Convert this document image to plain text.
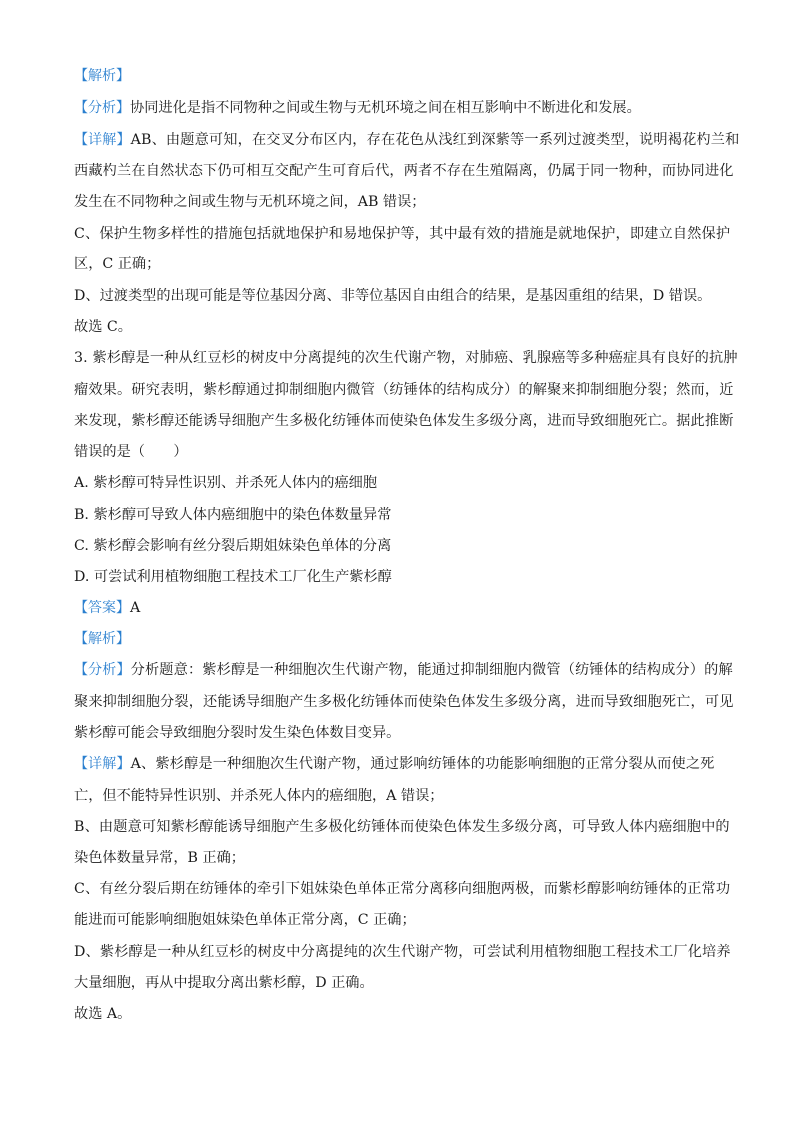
【解析】
【分析】协同进化是指不同物种之间或生物与无机环境之间在相互影响中不断进化和发展。
【详解】AB、由题意可知，在交叉分布区内，存在花色从浅红到深紫等一系列过渡类型，说明褐花杓兰和
西藏杓兰在自然状态下仍可相互交配产生可育后代，两者不存在生殖隔离，仍属于同一物种，而协同进化
发生在不同物种之间或生物与无机环境之间，AB 错误；
C、保护生物多样性的措施包括就地保护和易地保护等，其中最有效的措施是就地保护，即建立自然保护
区，C 正确；
D、过渡类型的出现可能是等位基因分离、非等位基因自由组合的结果，是基因重组的结果，D 错误。
故选 C。
3. 紫杉醇是一种从红豆杉的树皮中分离提纯的次生代谢产物，对肺癌、乳腺癌等多种癌症具有良好的抗肿
瘤效果。研究表明，紫杉醇通过抑制细胞内微管（纺锤体的结构成分）的解聚来抑制细胞分裂；然而，近
来发现，紫杉醇还能诱导细胞产生多极化纺锤体而使染色体发生多级分离，进而导致细胞死亡。据此推断
错误的是（　　）
A. 紫杉醇可特异性识别、并杀死人体内的癌细胞
B. 紫杉醇可导致人体内癌细胞中的染色体数量异常
C. 紫杉醇会影响有丝分裂后期姐妹染色单体的分离
D. 可尝试利用植物细胞工程技术工厂化生产紫杉醇
【答案】A
【解析】
【分析】分析题意：紫杉醇是一种细胞次生代谢产物，能通过抑制细胞内微管（纺锤体的结构成分）的解
聚来抑制细胞分裂，还能诱导细胞产生多极化纺锤体而使染色体发生多级分离，进而导致细胞死亡，可见
紫杉醇可能会导致细胞分裂时发生染色体数目变异。
【详解】A、紫杉醇是一种细胞次生代谢产物，通过影响纺锤体的功能影响细胞的正常分裂从而使之死
亡，但不能特异性识别、并杀死人体内的癌细胞，A 错误；
B、由题意可知紫杉醇能诱导细胞产生多极化纺锤体而使染色体发生多级分离，可导致人体内癌细胞中的
染色体数量异常，B 正确；
C、有丝分裂后期在纺锤体的牵引下姐妹染色单体正常分离移向细胞两极，而紫杉醇影响纺锤体的正常功
能进而可能影响细胞姐妹染色单体正常分离，C 正确；
D、紫杉醇是一种从红豆杉的树皮中分离提纯的次生代谢产物，可尝试利用植物细胞工程技术工厂化培养
大量细胞，再从中提取分离出紫杉醇，D 正确。
故选 A。
